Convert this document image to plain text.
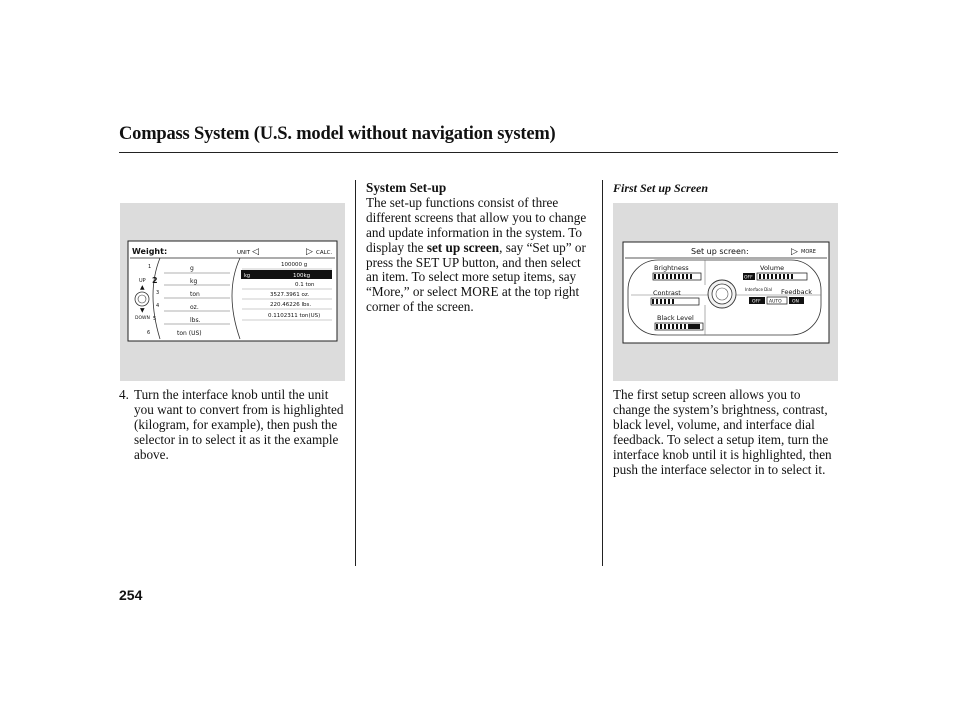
Compass System (U.S. model without navigation system)
Weight:	UNIT ◁	▷ CALC.
1
UP
▲
2
3
4
▼
DOWN 5
6
g
kg
ton
oz.
lbs.
ton (US)
kg
100000 g
100kg
0.1 ton
3527.3961 oz.
220.46226 lbs.
0.1102311 ton(US)
4. Turn the interface knob until the unit you want to convert from is highlighted (kilogram, for example), then push the selector in to select it as it the example above.
System Set-up
The set-up functions consist of three different screens that allow you to change and update information in the system. To display the set up screen, say “Set up” or press the SET UP button, and then select an item. To select more setup items, say “More,” or select MORE at the top right corner of the screen.
First Set up Screen
Set up screen:	▷ MORE
Brightness	Volume
OFF
Contrast	Interface Dial Feedback
OFF AUTO ON
Black Level
The first setup screen allows you to change the system’s brightness, contrast, black level, volume, and interface dial feedback. To select a setup item, turn the interface knob until it is highlighted, then push the interface selector in to select it.
254
